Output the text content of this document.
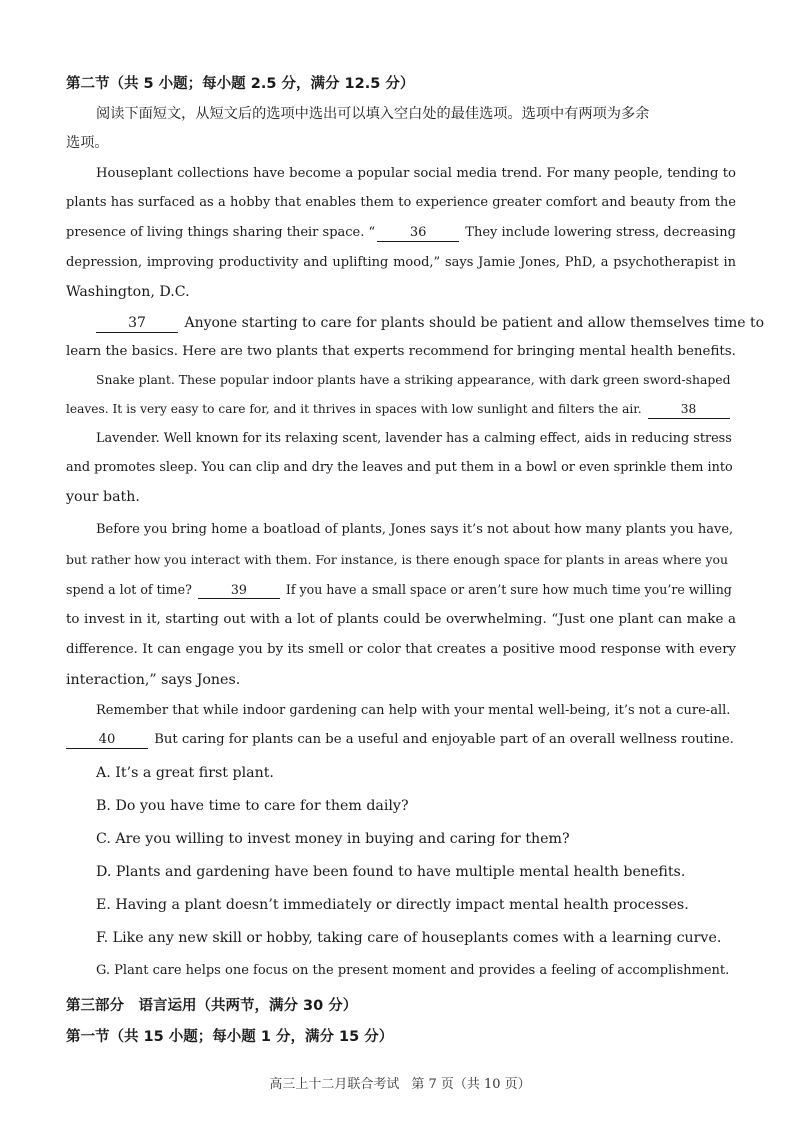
第二节（共 5 小题；每小题 2.5 分，满分 12.5 分）
阅读下面短文，从短文后的选项中选出可以填入空白处的最佳选项。选项中有两项为多余
选项。
Houseplant collections have become a popular social media trend. For many people, tending to
plants has surfaced as a hobby that enables them to experience greater comfort and beauty from the
presence of living things sharing their space. “	36	They include lowering stress, decreasing
depression, improving productivity and uplifting mood,” says Jamie Jones, PhD, a psychotherapist in
Washington, D.C.
37	Anyone starting to care for plants should be patient and allow themselves time to
learn the basics. Here are two plants that experts recommend for bringing mental health benefits.
Snake plant. These popular indoor plants have a striking appearance, with dark green sword-shaped
leaves. It is very easy to care for, and it thrives in spaces with low sunlight and filters the air.	38
Lavender. Well known for its relaxing scent, lavender has a calming effect, aids in reducing stress
and promotes sleep. You can clip and dry the leaves and put them in a bowl or even sprinkle them into
your bath.
Before you bring home a boatload of plants, Jones says it’s not about how many plants you have,
but rather how you interact with them. For instance, is there enough space for plants in areas where you
spend a lot of time?	39	If you have a small space or aren’t sure how much time you’re willing
to invest in it, starting out with a lot of plants could be overwhelming. “Just one plant can make a
difference. It can engage you by its smell or color that creates a positive mood response with every
interaction,” says Jones.
Remember that while indoor gardening can help with your mental well-being, it’s not a cure-all.
40	But caring for plants can be a useful and enjoyable part of an overall wellness routine.
A. It’s a great first plant.
B. Do you have time to care for them daily?
C. Are you willing to invest money in buying and caring for them?
D. Plants and gardening have been found to have multiple mental health benefits.
E. Having a plant doesn’t immediately or directly impact mental health processes.
F. Like any new skill or hobby, taking care of houseplants comes with a learning curve.
G. Plant care helps one focus on the present moment and provides a feeling of accomplishment.
第三部分　语言运用（共两节，满分 30 分）
第一节（共 15 小题；每小题 1 分，满分 15 分）
高三上十二月联合考试 第 7 页（共 10 页）
